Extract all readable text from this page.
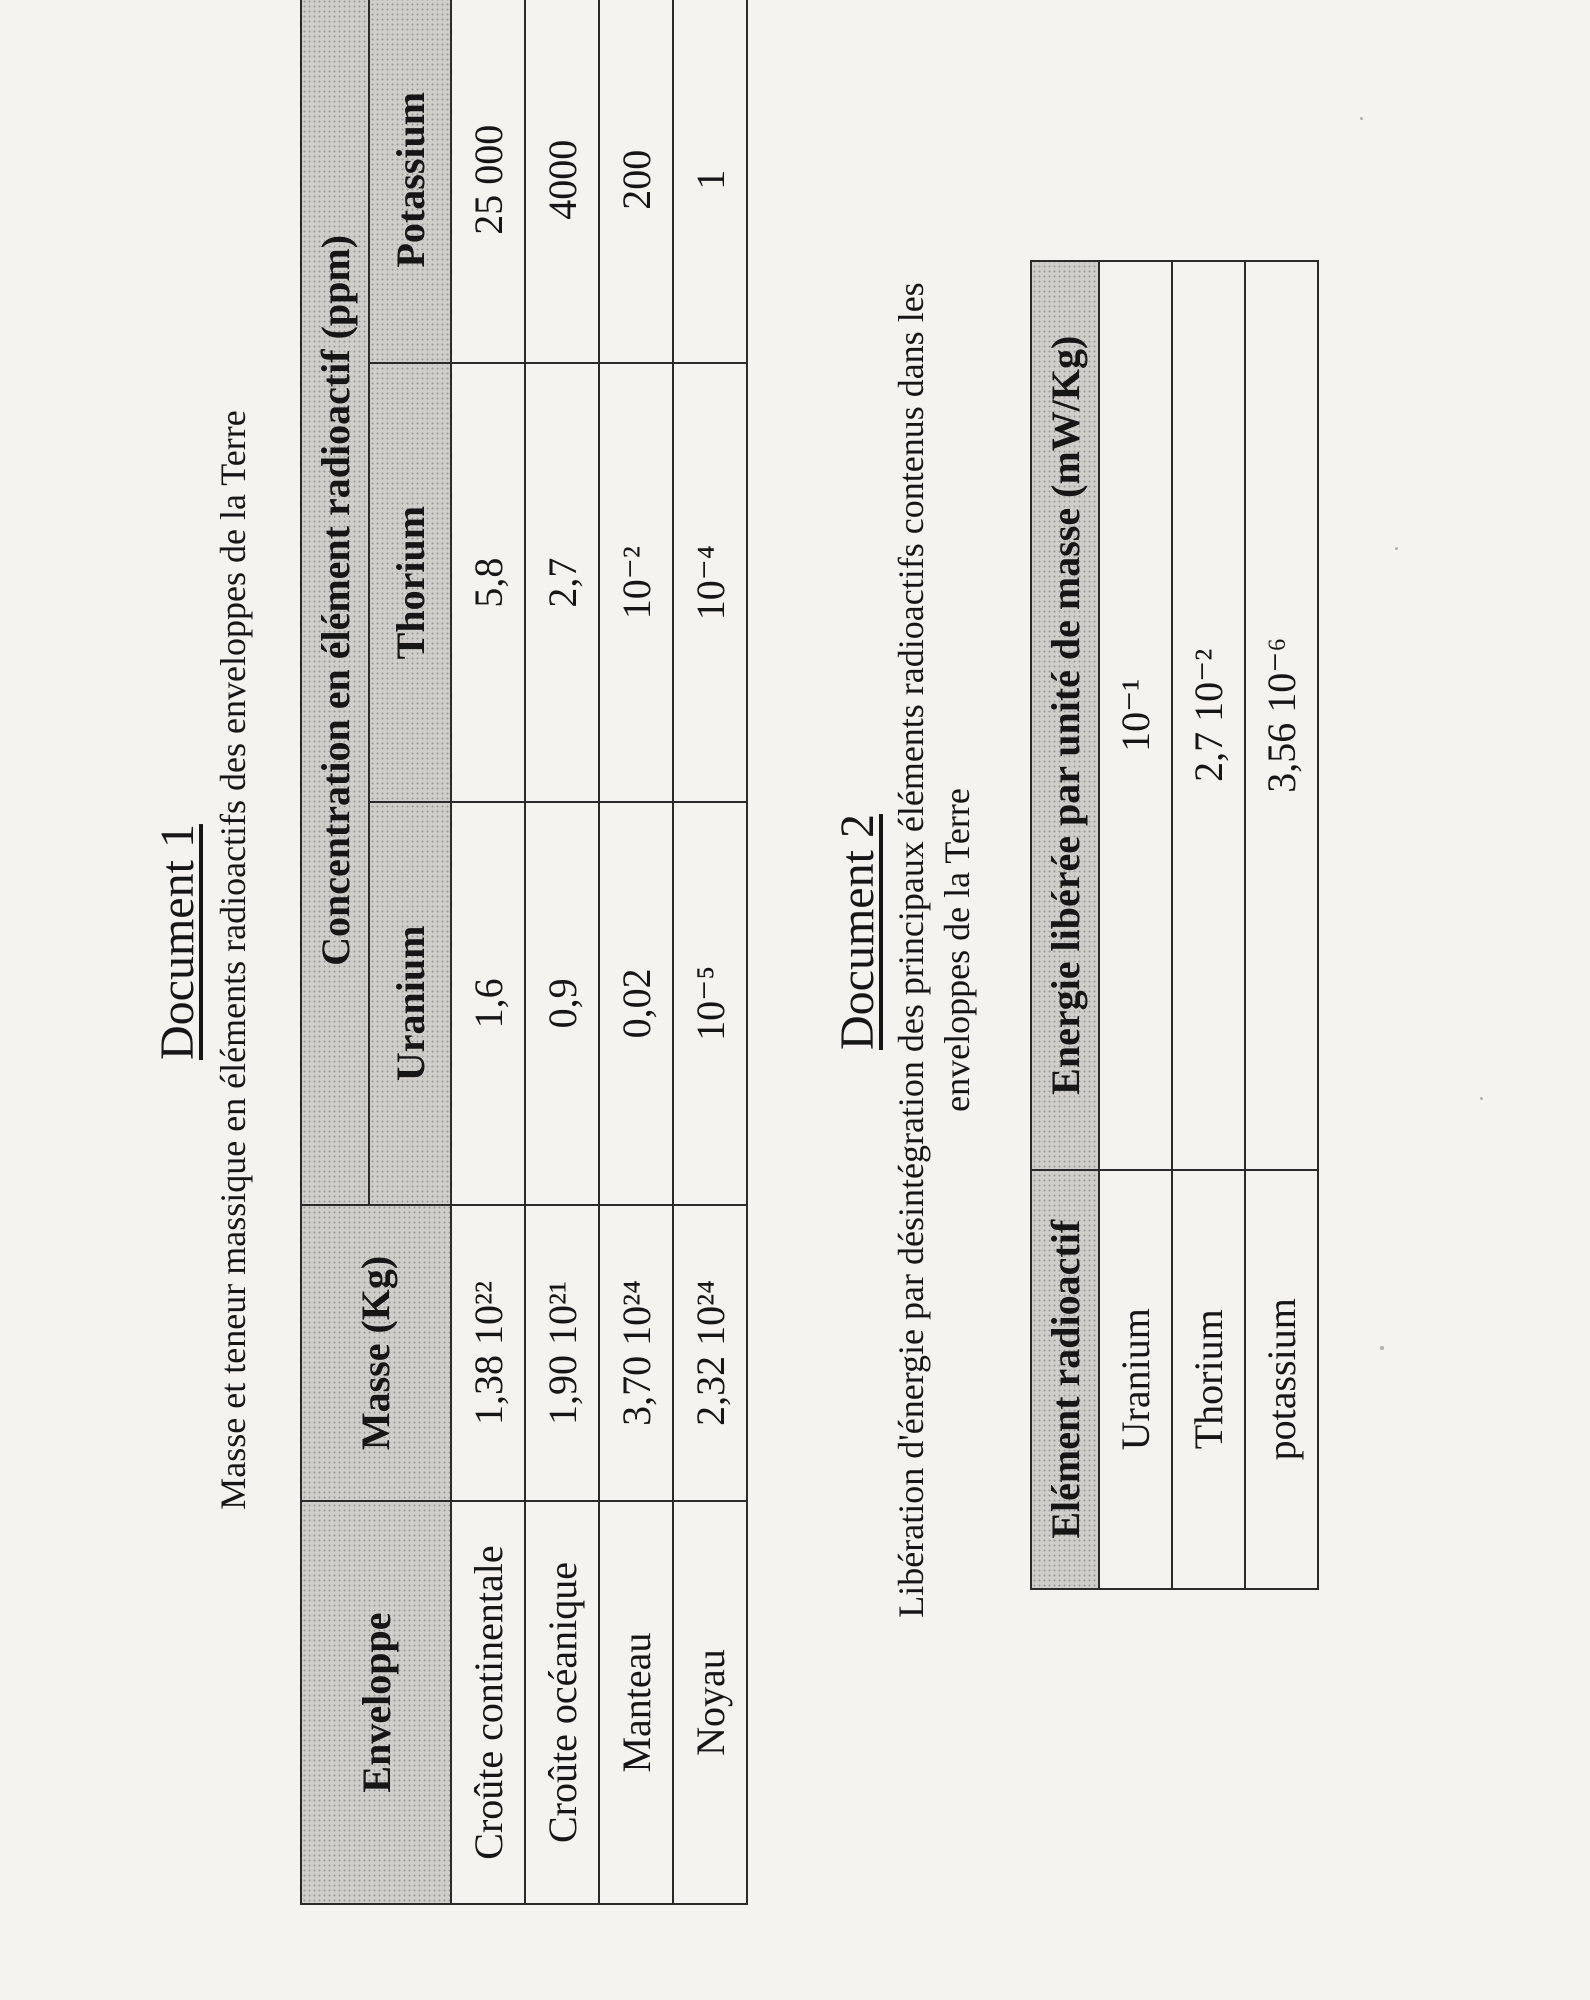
Document 1 Masse et teneur massique en éléments radioactifs des enveloppes de la Terre
Enveloppe	Masse (Kg)	Concentration en élément radioactif (ppm)		
		Uranium	Thorium	Potassium
Croûte continentale	1,38 10²²	1,6	5,8	25 000
Croûte océanique	1,90 10²¹	0,9	2,7	4000
Manteau	3,70 10²⁴	0,02	10⁻²	200
Noyau	2,32 10²⁴	10⁻⁵	10⁻⁴	1
Document 2 Libération d'énergie par désintégration des principaux éléments radioactifs contenus dans les enveloppes de la Terre
Elément radioactif	Energie libérée par unité de masse (mW/Kg)
Uranium	10⁻¹
Thorium	2,7 10⁻²
potassium	3,56 10⁻⁶
